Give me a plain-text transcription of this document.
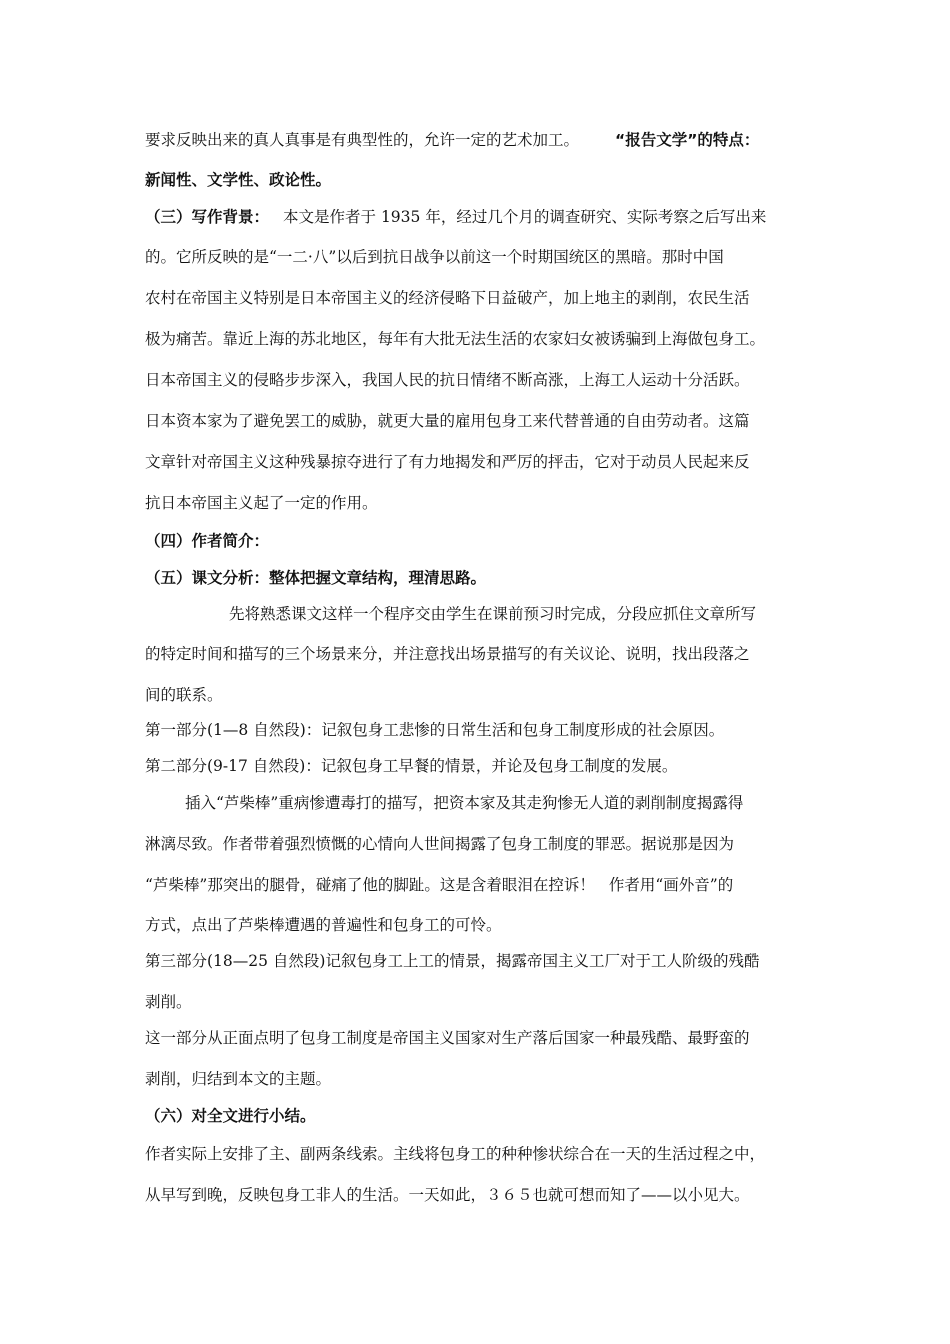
要求反映出来的真人真事是有典型性的，允许一定的艺术加工。 “报告文学”的特点：
新闻性、文学性、政论性。
（三）写作背景： 本文是作者于 1935 年，经过几个月的调查研究、实际考察之后写出来
的。它所反映的是“一二·八”以后到抗日战争以前这一个时期国统区的黑暗。那时中国
农村在帝国主义特别是日本帝国主义的经济侵略下日益破产，加上地主的剥削，农民生活
极为痛苦。靠近上海的苏北地区，每年有大批无法生活的农家妇女被诱骗到上海做包身工。
日本帝国主义的侵略步步深入，我国人民的抗日情绪不断高涨，上海工人运动十分活跃。
日本资本家为了避免罢工的威胁，就更大量的雇用包身工来代替普通的自由劳动者。这篇
文章针对帝国主义这种残暴掠夺进行了有力地揭发和严厉的抨击，它对于动员人民起来反
抗日本帝国主义起了一定的作用。
（四）作者简介：
（五）课文分析：整体把握文章结构，理清思路。
先将熟悉课文这样一个程序交由学生在课前预习时完成，分段应抓住文章所写
的特定时间和描写的三个场景来分，并注意找出场景描写的有关议论、说明，找出段落之
间的联系。
第一部分(1—8 自然段)：记叙包身工悲惨的日常生活和包身工制度形成的社会原因。
第二部分(9-17 自然段)：记叙包身工早餐的情景，并论及包身工制度的发展。
插入“芦柴棒”重病惨遭毒打的描写，把资本家及其走狗惨无人道的剥削制度揭露得
淋漓尽致。作者带着强烈愤慨的心情向人世间揭露了包身工制度的罪恶。据说那是因为
“芦柴棒”那突出的腿骨，碰痛了他的脚趾。这是含着眼泪在控诉！ 作者用“画外音”的
方式，点出了芦柴棒遭遇的普遍性和包身工的可怜。
第三部分(18—25 自然段)记叙包身工上工的情景，揭露帝国主义工厂对于工人阶级的残酷
剥削。
这一部分从正面点明了包身工制度是帝国主义国家对生产落后国家一种最残酷、最野蛮的
剥削，归结到本文的主题。
（六）对全文进行小结。
作者实际上安排了主、副两条线索。主线将包身工的种种惨状综合在一天的生活过程之中，
从早写到晚，反映包身工非人的生活。一天如此，３６５也就可想而知了——以小见大。
